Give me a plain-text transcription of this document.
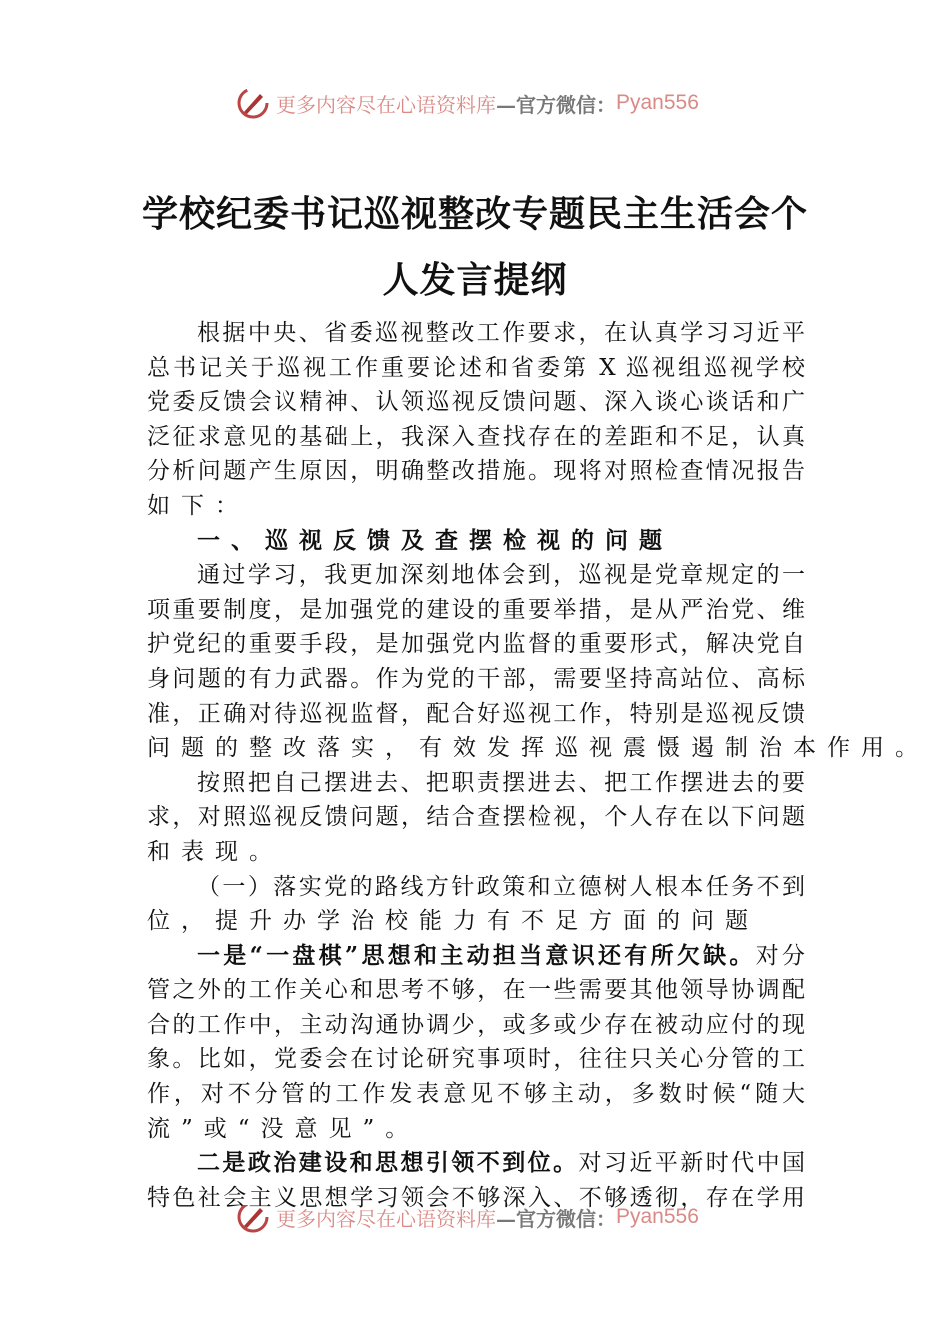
更多内容尽在心语资料库 —官方微信： Pyan556
学校纪委书记巡视整改专题民主生活会个
人发言提纲
根据中央、省委巡视整改工作要求，在认真学习习近平
总书记关于巡视工作重要论述和省委第 X 巡视组巡视学校
党委反馈会议精神、认领巡视反馈问题、深入谈心谈话和广
泛征求意见的基础上，我深入查找存在的差距和不足，认真
分析问题产生原因，明确整改措施。现将对照检查情况报告
如下：
一、巡视反馈及查摆检视的问题
通过学习，我更加深刻地体会到，巡视是党章规定的一
项重要制度，是加强党的建设的重要举措，是从严治党、维
护党纪的重要手段，是加强党内监督的重要形式，解决党自
身问题的有力武器。作为党的干部，需要坚持高站位、高标
准，正确对待巡视监督，配合好巡视工作，特别是巡视反馈
问题的整改落实，有效发挥巡视震慑遏制治本作用。
按照把自己摆进去、把职责摆进去、把工作摆进去的要
求，对照巡视反馈问题，结合查摆检视，个人存在以下问题
和表现。
（一）落实党的路线方针政策和立德树人根本任务不到
位，提升办学治校能力有不足方面的问题
一是“一盘棋”思想和主动担当意识还有所欠缺。对分
管之外的工作关心和思考不够，在一些需要其他领导协调配
合的工作中，主动沟通协调少，或多或少存在被动应付的现
象。比如，党委会在讨论研究事项时，往往只关心分管的工
作，对不分管的工作发表意见不够主动，多数时候“随大
流”或“没意见”。
二是政治建设和思想引领不到位。对习近平新时代中国
特色社会主义思想学习领会不够深入、不够透彻，存在学用
更多内容尽在心语资料库 —官方微信： Pyan556
